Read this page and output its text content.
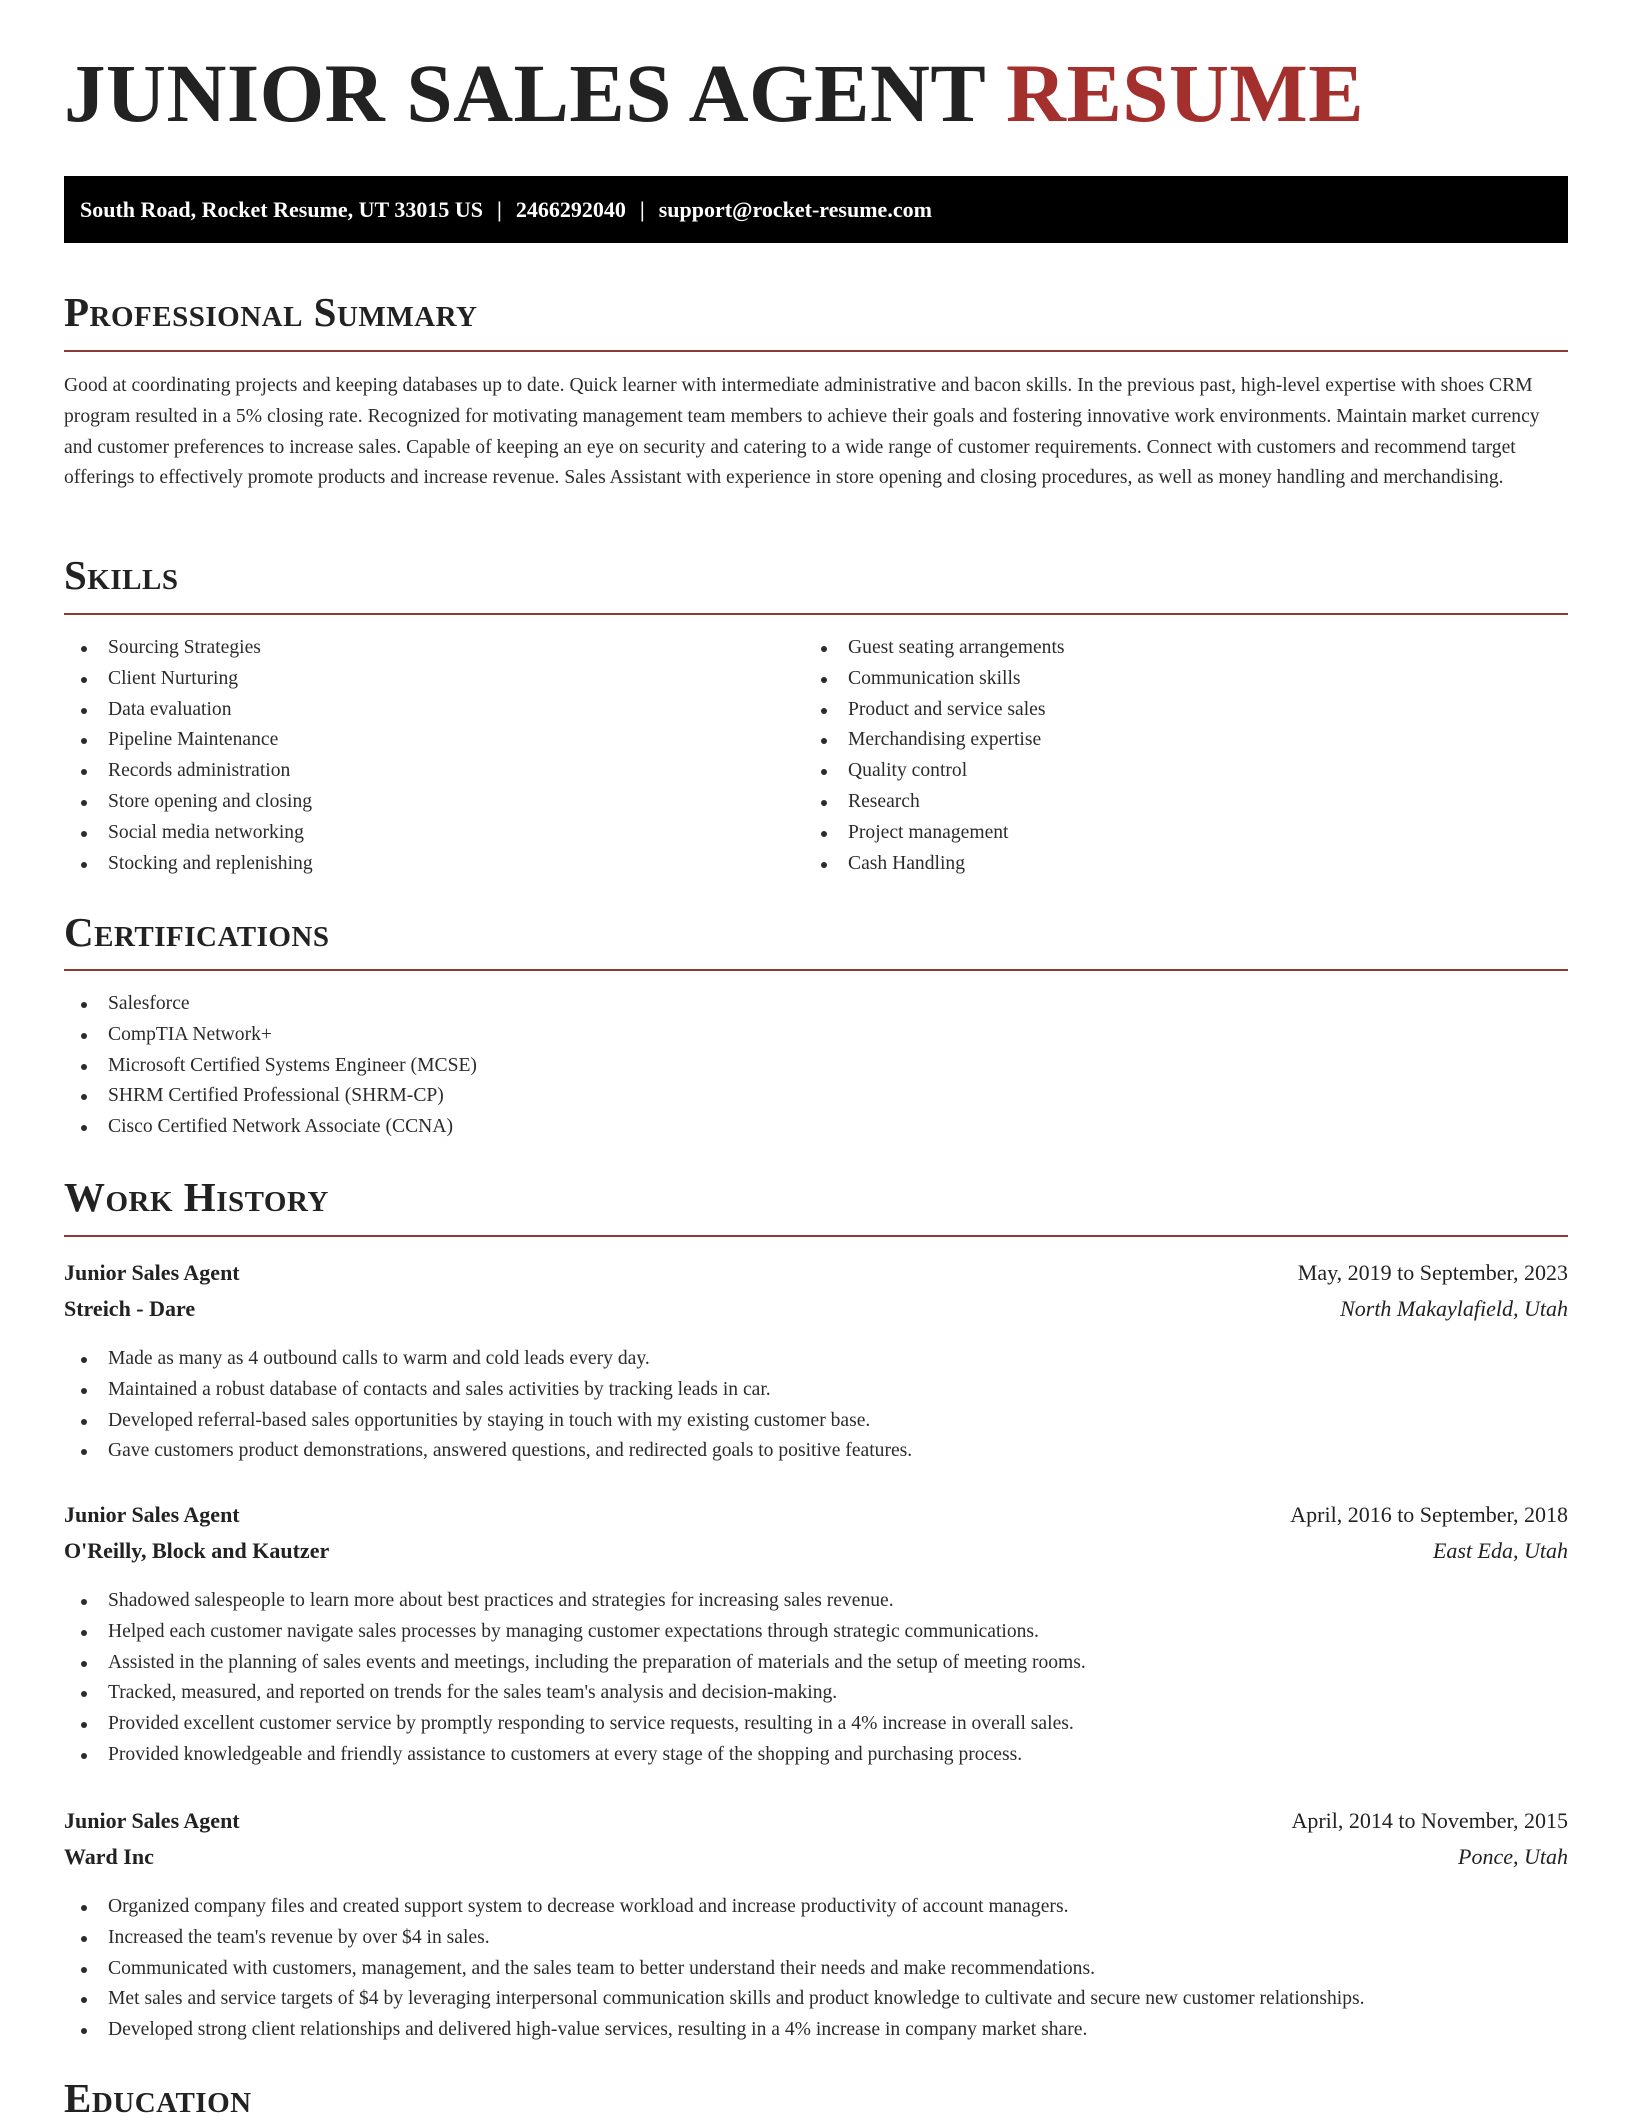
JUNIOR SALES AGENT RESUME
South Road, Rocket Resume, UT 33015 US | 2466292040 | support@rocket-resume.com
Professional Summary

Good at coordinating projects and keeping databases up to date. Quick learner with intermediate administrative and bacon skills. In the previous past, high-level expertise with shoes CRM program resulted in a 5% closing rate. Recognized for motivating management team members to achieve their goals and fostering innovative work environments. Maintain market currency and customer preferences to increase sales. Capable of keeping an eye on security and catering to a wide range of customer requirements. Connect with customers and recommend target offerings to effectively promote products and increase revenue. Sales Assistant with experience in store opening and closing procedures, as well as money handling and merchandising.

Skills
Sourcing Strategies
Client Nurturing
Data evaluation
Pipeline Maintenance
Records administration
Store opening and closing
Social media networking
Stocking and replenishing
Guest seating arrangements
Communication skills
Product and service sales
Merchandising expertise
Quality control
Research
Project management
Cash Handling
Certifications
Salesforce
CompTIA Network+
Microsoft Certified Systems Engineer (MCSE)
SHRM Certified Professional (SHRM-CP)
Cisco Certified Network Associate (CCNA)
Work History
Junior Sales Agent	May, 2019 to September, 2023
Streich - Dare	North Makaylafield, Utah
Made as many as 4 outbound calls to warm and cold leads every day.
Maintained a robust database of contacts and sales activities by tracking leads in car.
Developed referral-based sales opportunities by staying in touch with my existing customer base.
Gave customers product demonstrations, answered questions, and redirected goals to positive features.
Junior Sales Agent	April, 2016 to September, 2018
O'Reilly, Block and Kautzer	East Eda, Utah
Shadowed salespeople to learn more about best practices and strategies for increasing sales revenue.
Helped each customer navigate sales processes by managing customer expectations through strategic communications.
Assisted in the planning of sales events and meetings, including the preparation of materials and the setup of meeting rooms.
Tracked, measured, and reported on trends for the sales team's analysis and decision-making.
Provided excellent customer service by promptly responding to service requests, resulting in a 4% increase in overall sales.
Provided knowledgeable and friendly assistance to customers at every stage of the shopping and purchasing process.
Junior Sales Agent	April, 2014 to November, 2015
Ward Inc	Ponce, Utah
Organized company files and created support system to decrease workload and increase productivity of account managers.
Increased the team's revenue by over $4 in sales.
Communicated with customers, management, and the sales team to better understand their needs and make recommendations.
Met sales and service targets of $4 by leveraging interpersonal communication skills and product knowledge to cultivate and secure new customer relationships.
Developed strong client relationships and delivered high-value services, resulting in a 4% increase in company market share.
Education
